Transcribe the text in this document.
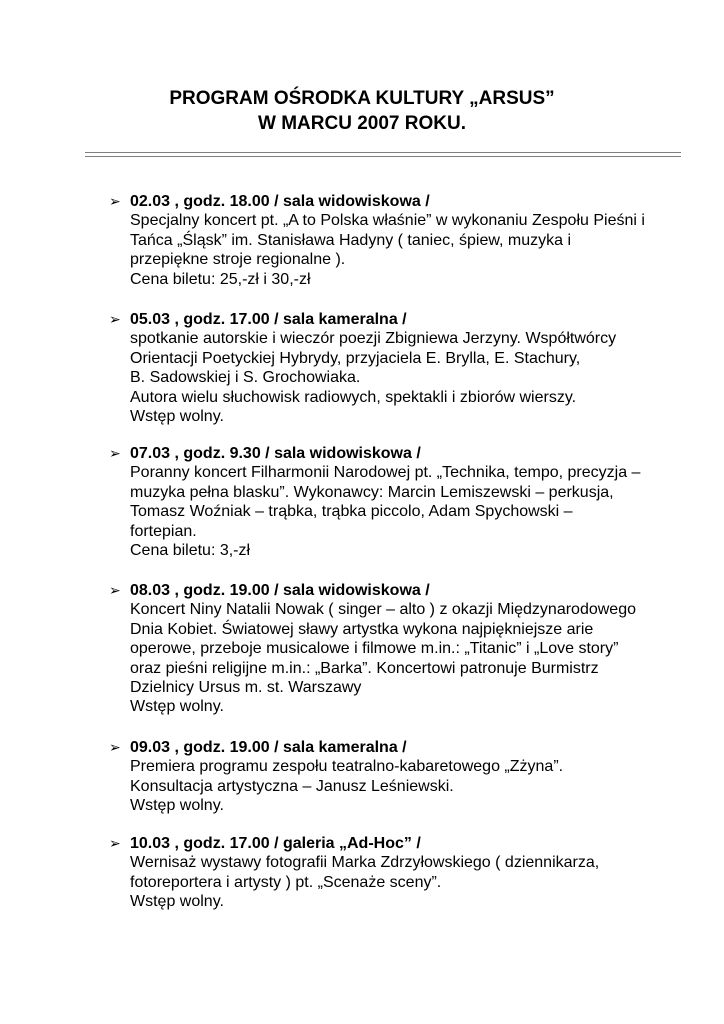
PROGRAM OŚRODKA KULTURY „ARSUS”
W MARCU 2007 ROKU.
➢ 02.03 , godz. 18.00 / sala widowiskowa /
Specjalny koncert pt. „A to Polska właśnie” w wykonaniu Zespołu Pieśni i
Tańca „Śląsk” im. Stanisława Hadyny ( taniec, śpiew, muzyka i
przepiękne stroje regionalne ).
Cena biletu: 25,-zł i 30,-zł
➢ 05.03 , godz. 17.00 / sala kameralna /
spotkanie autorskie i wieczór poezji Zbigniewa Jerzyny. Współtwórcy
Orientacji Poetyckiej Hybrydy, przyjaciela E. Brylla, E. Stachury,
B. Sadowskiej i S. Grochowiaka.
Autora wielu słuchowisk radiowych, spektakli i zbiorów wierszy.
Wstęp wolny.
➢ 07.03 , godz. 9.30 / sala widowiskowa /
Poranny koncert Filharmonii Narodowej pt. „Technika, tempo, precyzja –
muzyka pełna blasku”. Wykonawcy: Marcin Lemiszewski – perkusja,
Tomasz Woźniak – trąbka, trąbka piccolo, Adam Spychowski –
fortepian.
Cena biletu: 3,-zł
➢ 08.03 , godz. 19.00 / sala widowiskowa /
Koncert Niny Natalii Nowak ( singer – alto ) z okazji Międzynarodowego
Dnia Kobiet. Światowej sławy artystka wykona najpiękniejsze arie
operowe, przeboje musicalowe i filmowe m.in.: „Titanic” i „Love story”
oraz pieśni religijne m.in.: „Barka”. Koncertowi patronuje Burmistrz
Dzielnicy Ursus m. st. Warszawy
Wstęp wolny.
➢ 09.03 , godz. 19.00 / sala kameralna /
Premiera programu zespołu teatralno-kabaretowego „Zżyna”.
Konsultacja artystyczna – Janusz Leśniewski.
Wstęp wolny.
➢ 10.03 , godz. 17.00 / galeria „Ad-Hoc” /
Wernisaż wystawy fotografii Marka Zdrzyłowskiego ( dziennikarza,
fotoreportera i artysty ) pt. „Scenaże sceny”.
Wstęp wolny.
